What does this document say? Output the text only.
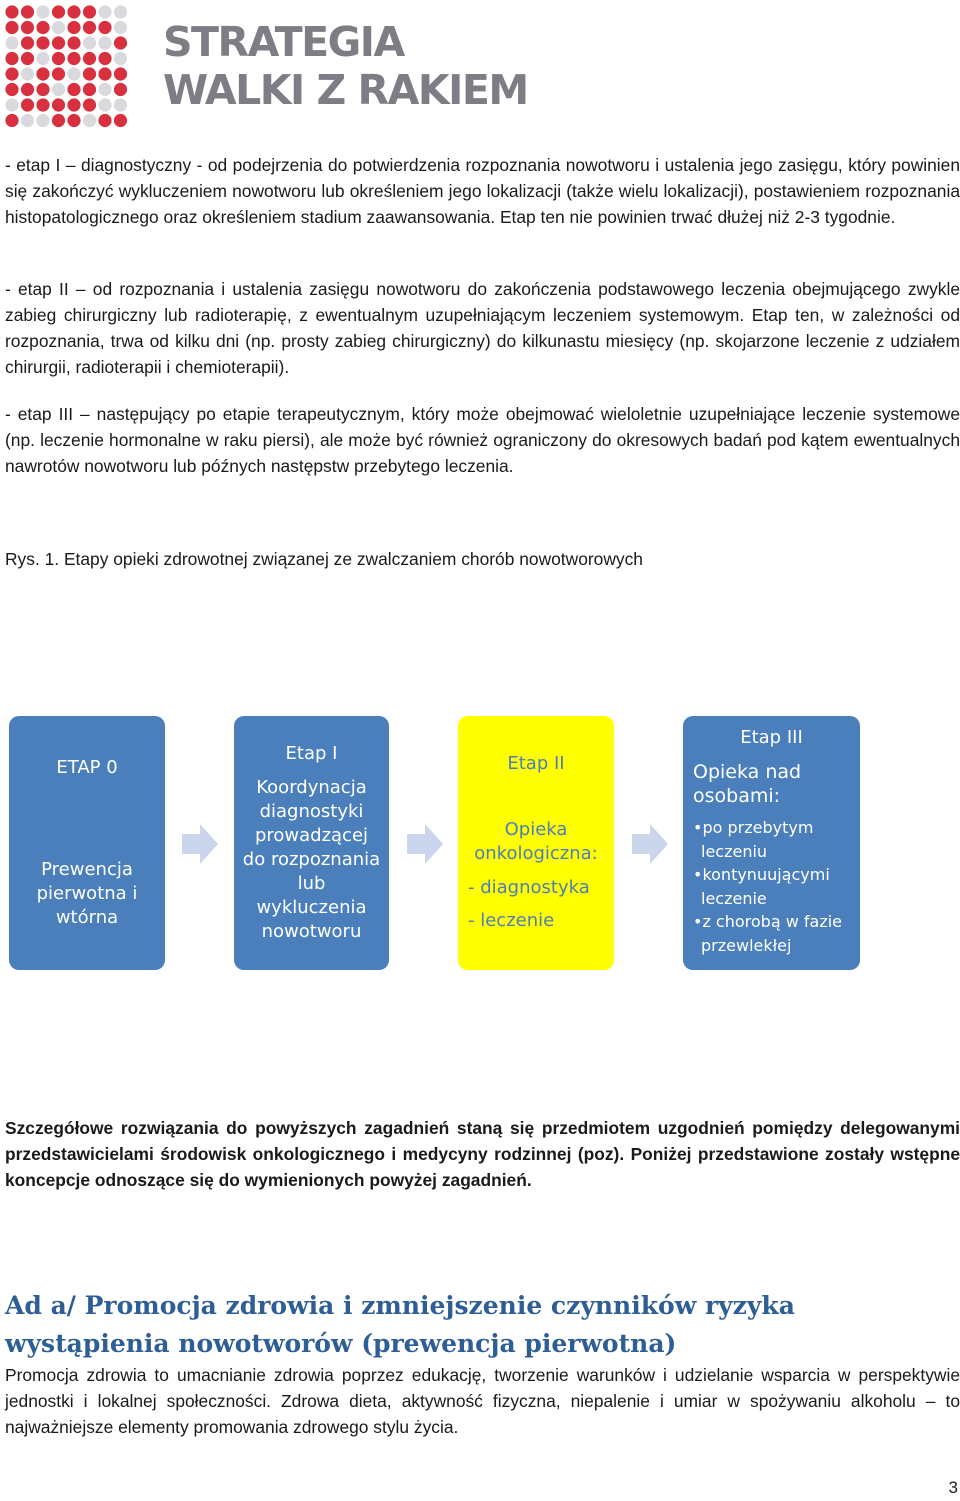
STRATEGIA
WALKI Z RAKIEM
- etap I – diagnostyczny - od podejrzenia do potwierdzenia rozpoznania nowotworu i ustalenia jego zasięgu, który powinien się zakończyć wykluczeniem nowotworu lub określeniem jego lokalizacji (także wielu lokalizacji), postawieniem rozpoznania histopatologicznego oraz określeniem stadium zaawansowania. Etap ten nie powinien trwać dłużej niż 2-3 tygodnie.
- etap II – od rozpoznania i ustalenia zasięgu nowotworu do zakończenia podstawowego leczenia obejmującego zwykle zabieg chirurgiczny lub radioterapię, z ewentualnym uzupełniającym leczeniem systemowym. Etap ten, w zależności od rozpoznania, trwa od kilku dni (np. prosty zabieg chirurgiczny) do kilkunastu miesięcy (np. skojarzone leczenie z udziałem chirurgii, radioterapii i chemioterapii).
- etap III – następujący po etapie terapeutycznym, który może obejmować wieloletnie uzupełniające leczenie systemowe (np. leczenie hormonalne w raku piersi), ale może być również ograniczony do okresowych badań pod kątem ewentualnych nawrotów nowotworu lub późnych następstw przebytego leczenia.
Rys. 1. Etapy opieki zdrowotnej związanej ze zwalczaniem chorób nowotworowych
ETAP 0
Prewencja
pierwotna i
wtórna
Etap I
Koordynacja
diagnostyki
prowadzącej
do rozpoznania
lub
wykluczenia
nowotworu
Etap II
Opieka
onkologiczna:
- diagnostyka
- leczenie
Etap III
Opieka nad
osobami:
•po przebytym
leczeniu
•kontynuującymi
leczenie
•z chorobą w fazie
przewlekłej
Szczegółowe rozwiązania do powyższych zagadnień staną się przedmiotem uzgodnień pomiędzy delegowanymi przedstawicielami środowisk onkologicznego i medycyny rodzinnej (poz). Poniżej przedstawione zostały wstępne koncepcje odnoszące się do wymienionych powyżej zagadnień.
Ad a/ Promocja zdrowia i zmniejszenie czynników ryzyka wystąpienia nowotworów (prewencja pierwotna)
Promocja zdrowia to umacnianie zdrowia poprzez edukację, tworzenie warunków i udzielanie wsparcia w perspektywie jednostki i lokalnej społeczności. Zdrowa dieta, aktywność fizyczna, niepalenie i umiar w spożywaniu alkoholu – to najważniejsze elementy promowania zdrowego stylu życia.
3
